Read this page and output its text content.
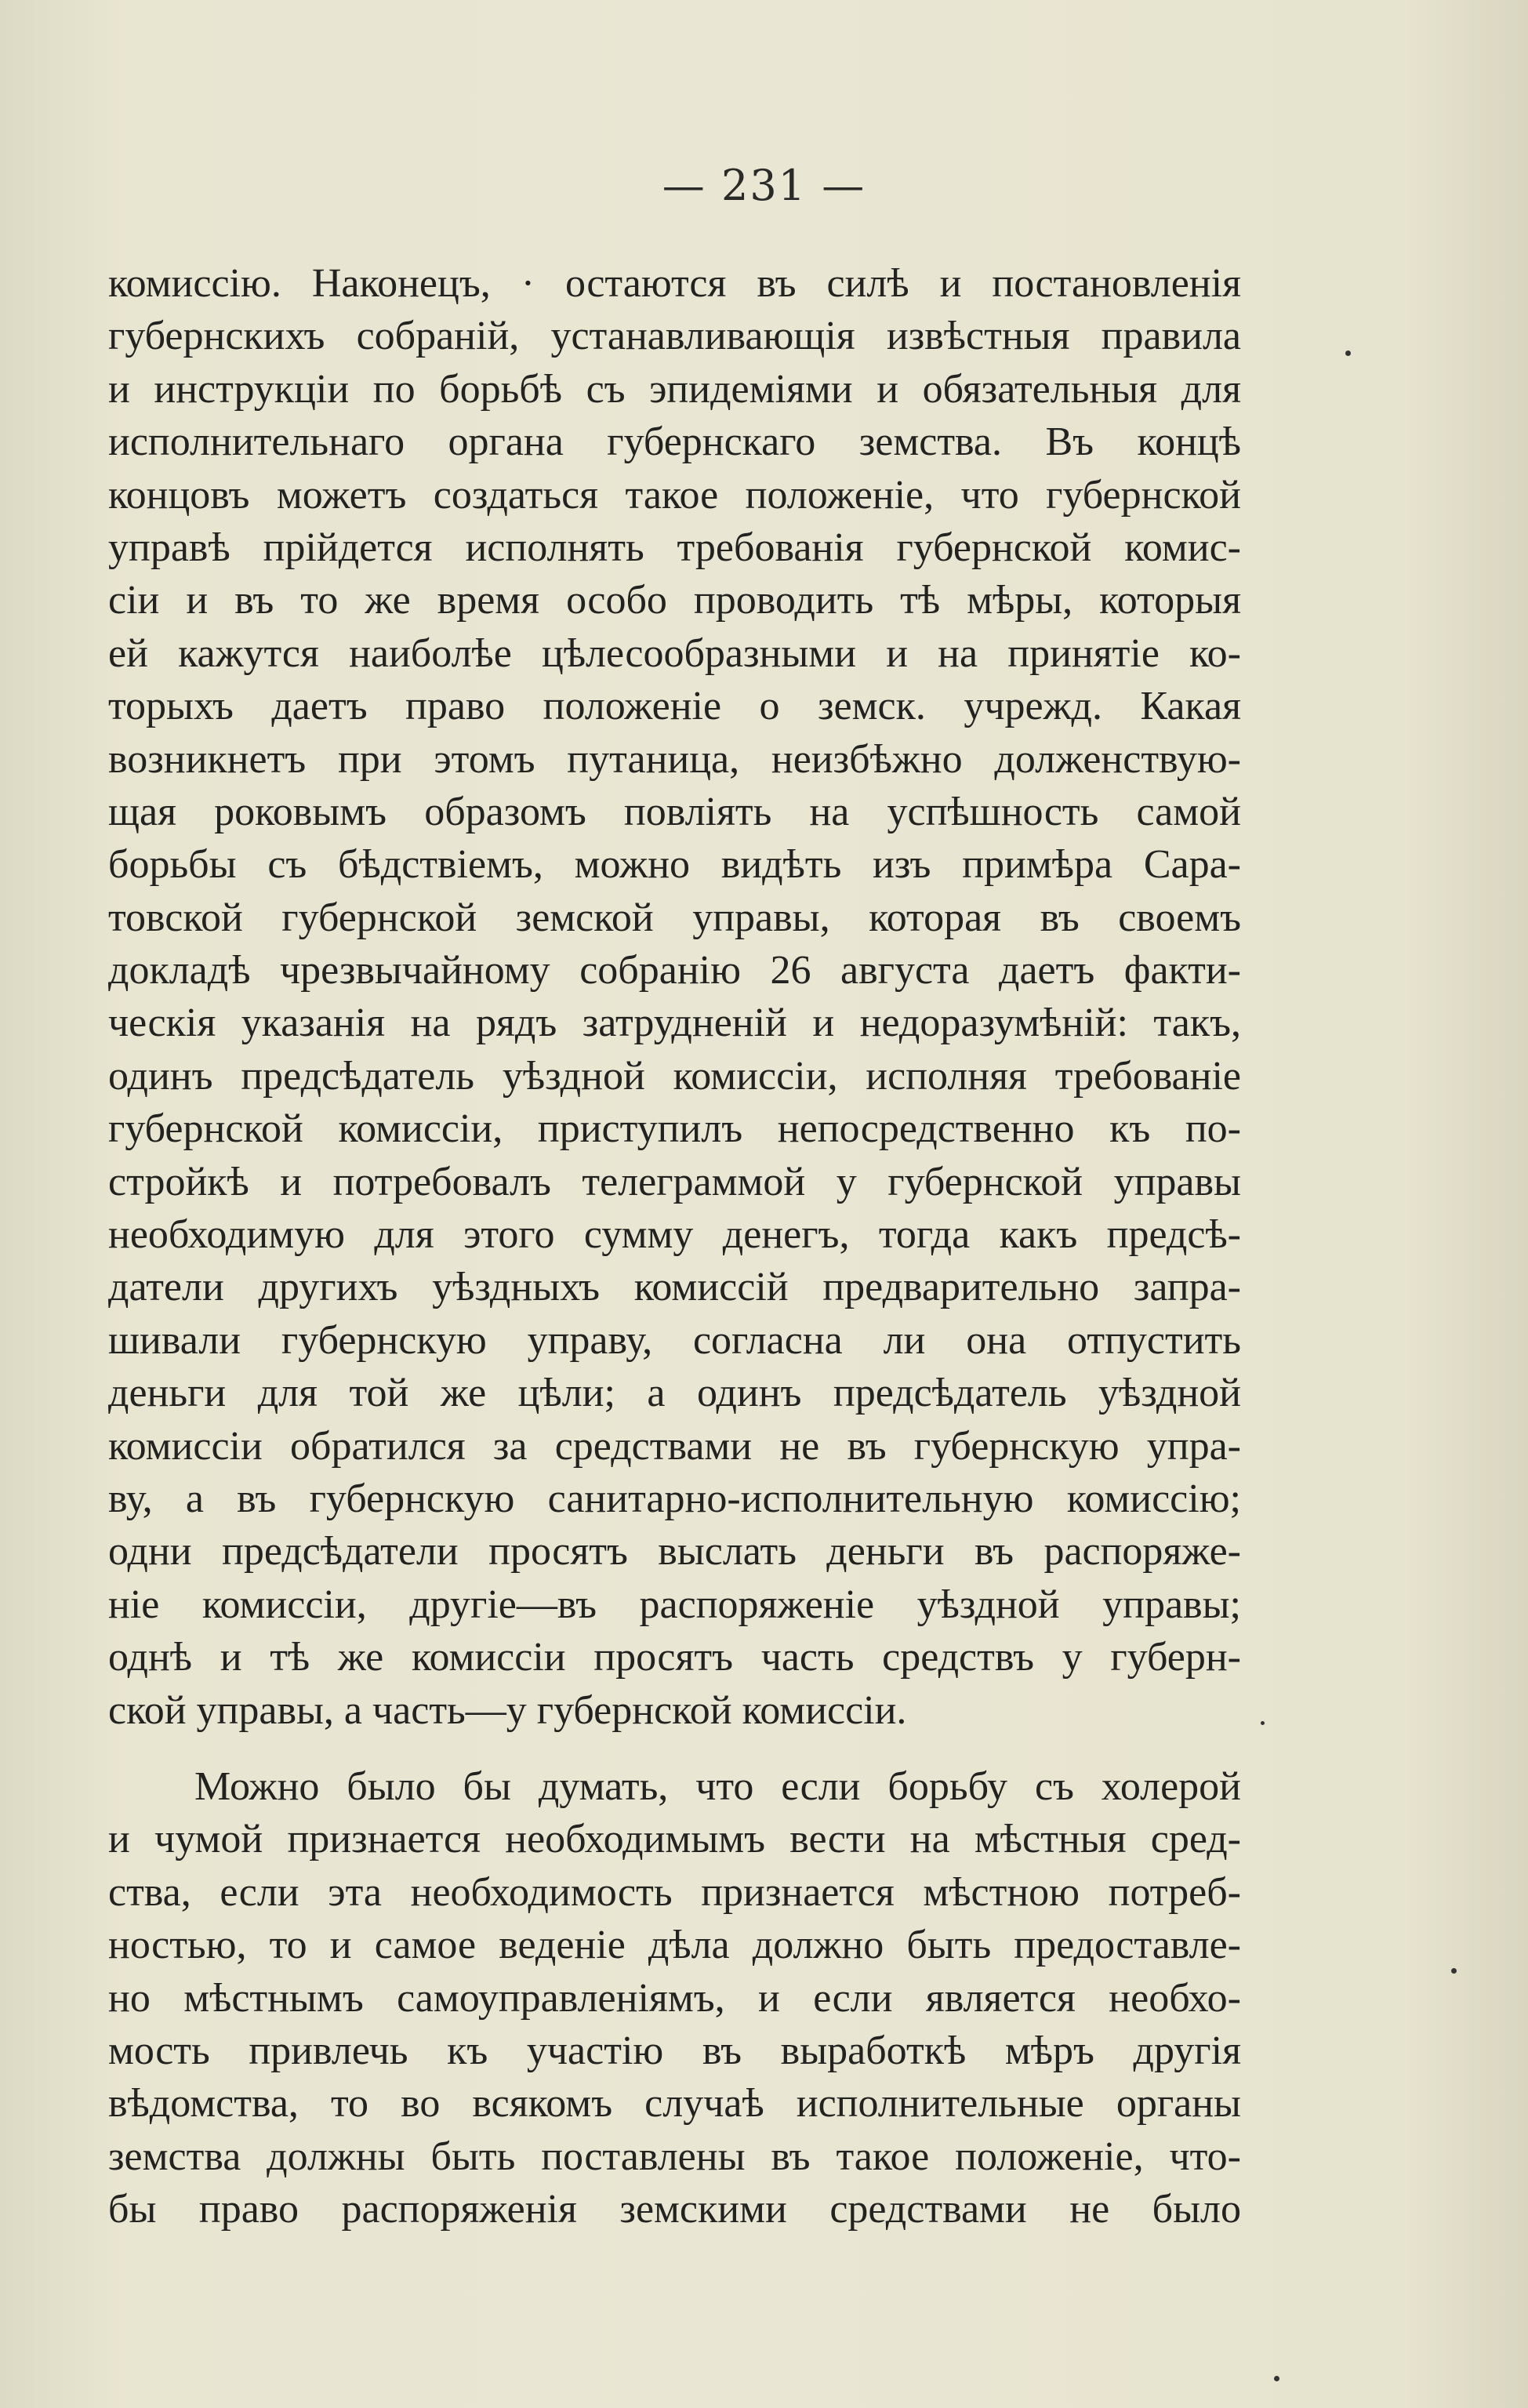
— 231 —
комиссію. Наконецъ, · остаются въ силѣ и постановленія
губернскихъ собраній, устанавливающія извѣстныя правила
и инструкціи по борьбѣ съ эпидеміями и обязательныя для
исполнительнаго органа губернскаго земства. Въ концѣ
концовъ можетъ создаться такое положеніе, что губернской
управѣ прійдется исполнять требованія губернской комис-
сіи и въ то же время особо проводить тѣ мѣры, которыя
ей кажутся наиболѣе цѣлесообразными и на принятіе ко-
торыхъ даетъ право положеніе о земск. учрежд. Какая
возникнетъ при этомъ путаница, неизбѣжно долженствую-
щая роковымъ образомъ повліять на успѣшность самой
борьбы съ бѣдствіемъ, можно видѣть изъ примѣра Сара-
товской губернской земской управы, которая въ своемъ
докладѣ чрезвычайному собранію 26 августа даетъ факти-
ческія указанія на рядъ затрудненій и недоразумѣній: такъ,
одинъ предсѣдатель уѣздной комиссіи, исполняя требованіе
губернской комиссіи, приступилъ непосредственно къ по-
стройкѣ и потребовалъ телеграммой у губернской управы
необходимую для этого сумму денегъ, тогда какъ предсѣ-
датели другихъ уѣздныхъ комиссій предварительно запра-
шивали губернскую управу, согласна ли она отпустить
деньги для той же цѣли; а одинъ предсѣдатель уѣздной
комиссіи обратился за средствами не въ губернскую упра-
ву, а въ губернскую санитарно-исполнительную комиссію;
одни предсѣдатели просятъ выслать деньги въ распоряже-
ніе комиссіи, другіе—въ распоряженіе уѣздной управы;
однѣ и тѣ же комиссіи просятъ часть средствъ у губерн-
ской управы, а часть—у губернской комиссіи.
Можно было бы думать, что если борьбу съ холерой
и чумой признается необходимымъ вести на мѣстныя сред-
ства, если эта необходимость признается мѣстною потреб-
ностью, то и самое веденіе дѣла должно быть предоставле-
но мѣстнымъ самоуправленіямъ, и если является необхо-
мость привлечь къ участію въ выработкѣ мѣръ другія
вѣдомства, то во всякомъ случаѣ исполнительные органы
земства должны быть поставлены въ такое положеніе, что-
бы право распоряженія земскими средствами не было
